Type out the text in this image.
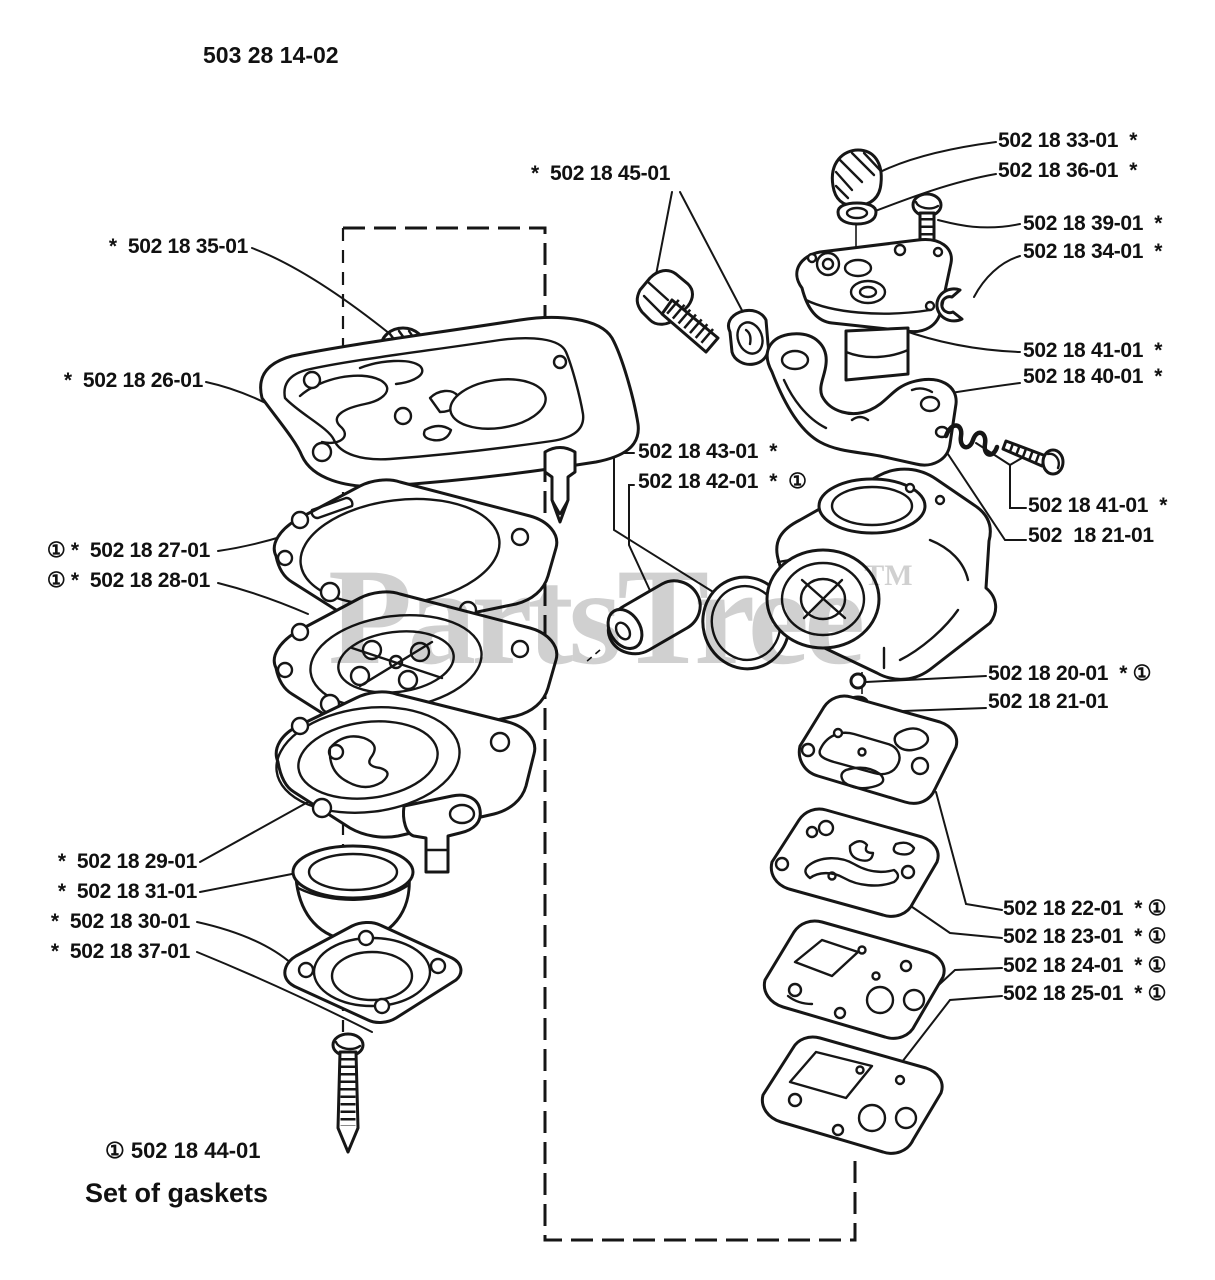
PartsTree ™
503 28 14-02
*  502 18 35-01
*  502 18 26-01
① *  502 18 27-01
① *  502 18 28-01
*  502 18 29-01
*  502 18 31-01
*  502 18 30-01
*  502 18 37-01
*  502 18 45-01
502 18 43-01  *
502 18 42-01  *  ①
502 18 33-01  *
502 18 36-01  *
502 18 39-01  *
502 18 34-01  *
502 18 41-01  *
502 18 40-01  *
502 18 41-01  *
502  18 21-01
502 18 20-01  * ①
502 18 21-01
502 18 22-01  * ①
502 18 23-01  * ①
502 18 24-01  * ①
502 18 25-01  * ①
① 502 18 44-01
Set of gaskets
